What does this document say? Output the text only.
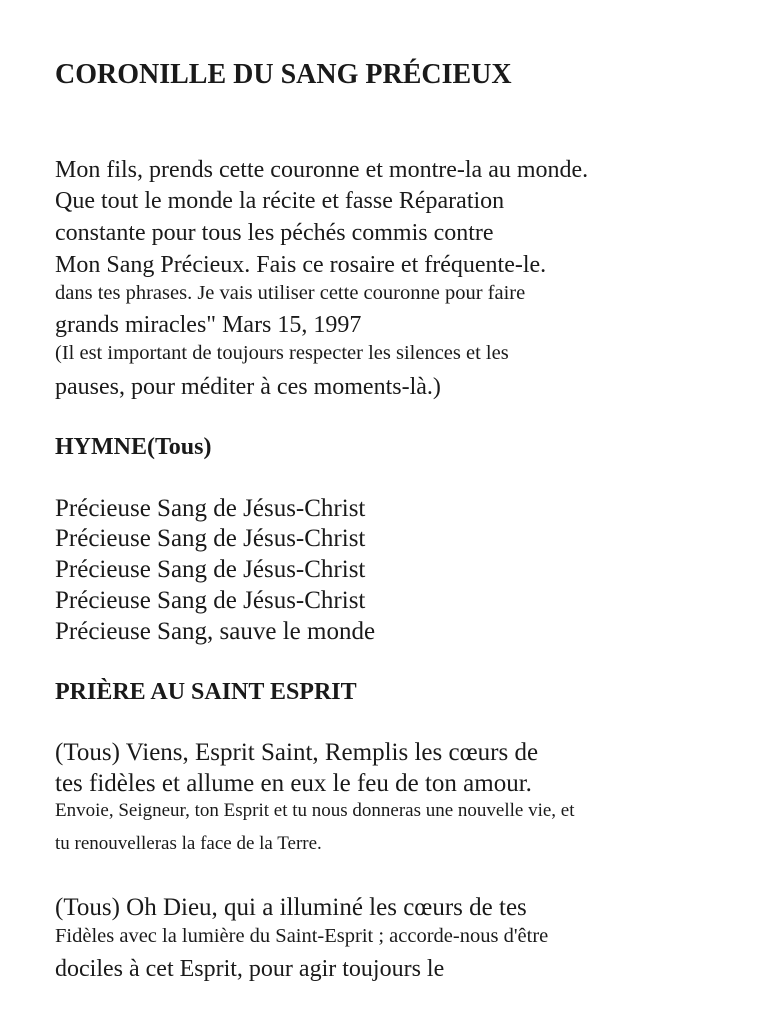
CORONILLE DU SANG PRÉCIEUX
Mon fils, prends cette couronne et montre-la au monde.
Que tout le monde la récite et fasse Réparation
constante pour tous les péchés commis contre
Mon Sang Précieux. Fais ce rosaire et fréquente-le.
dans tes phrases. Je vais utiliser cette couronne pour faire
grands miracles" Mars 15, 1997
(Il est important de toujours respecter les silences et les
pauses, pour méditer à ces moments-là.)
HYMNE(Tous)
Précieuse Sang de Jésus-Christ
Précieuse Sang de Jésus-Christ
Précieuse Sang de Jésus-Christ
Précieuse Sang de Jésus-Christ
Précieuse Sang, sauve le monde
PRIÈRE AU SAINT ESPRIT
(Tous) Viens, Esprit Saint, Remplis les cœurs de
tes fidèles et allume en eux le feu de ton amour.
Envoie, Seigneur, ton Esprit et tu nous donneras une nouvelle vie, et
tu renouvelleras la face de la Terre.
(Tous) Oh Dieu, qui a illuminé les cœurs de tes
Fidèles avec la lumière du Saint-Esprit ; accorde-nous d'être
dociles à cet Esprit, pour agir toujours le
